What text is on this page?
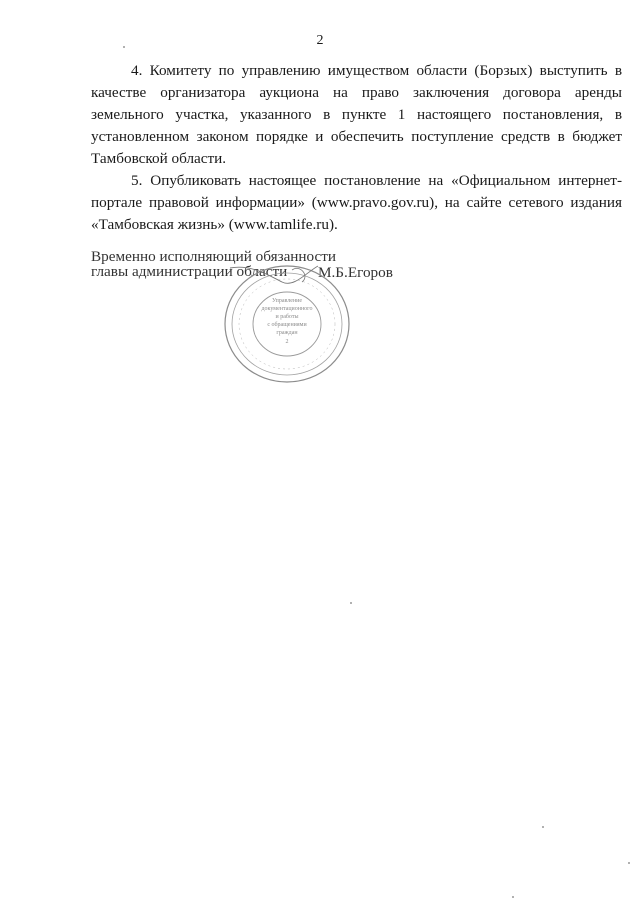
2

4. Комитету по управлению имуществом области (Борзых) выступить в качестве организатора аукциона на право заключения договора аренды земельного участка, указанного в пункте 1 настоящего постановления, в установленном законом порядке и обеспечить поступление средств в бюджет Тамбовской области.

5. Опубликовать настоящее постановление на «Официальном интернет-портале правовой информации» (www.pravo.gov.ru), на сайте сетевого издания «Тамбовская жизнь» (www.tamlife.ru).

Временно исполняющий обязанности
главы администрации области	М.Б.Егоров
Управление
документационного
и работы
с обращениями
граждан
2
